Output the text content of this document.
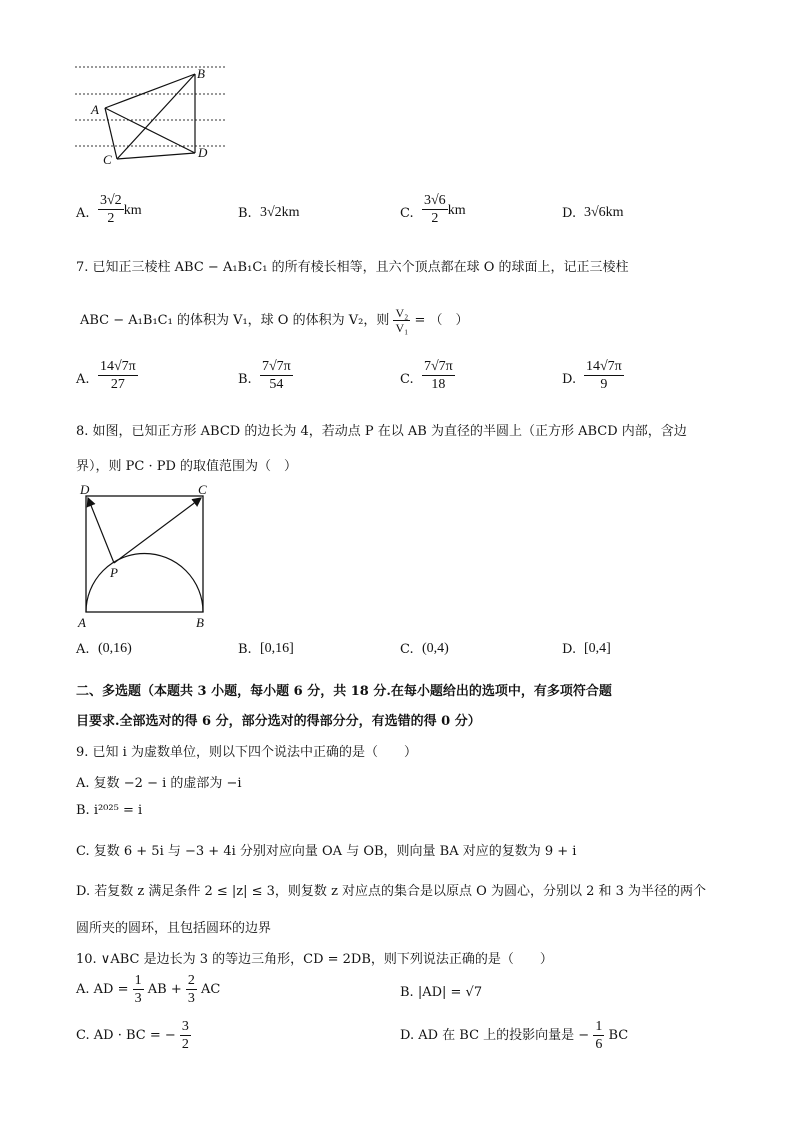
B
A
C	D
A. $\frac{3√2}{2}$ km	B. 3√2km	C. $\frac{3√6}{2}$ km	D. 3√6km
7. 已知正三棱柱 ABC − A₁B₁C₁ 的所有棱长相等，且六个顶点都在球 O 的球面上，记正三棱柱
ABC − A₁B₁C₁ 的体积为 V₁，球 O 的体积为 V₂，则 $\frac{\text{V₂}}{\text{V₁}}$ = （　）
A. $\frac{14√7\pi}{27}$	B. $\frac{7√7\pi}{54}$	C. $\frac{7√7\pi}{18}$	D. $\frac{14√7\pi}{9}$
8. 如图，已知正方形 ABCD 的边长为 4，若动点 P 在以 AB 为直径的半圆上（正方形 ABCD 内部，含边
界），则 PC · PD 的取值范围为（　）
D	C
P
A	B
A. (0,16)	B. [0,16]	C. (0,4)	D. [0,4]
二、多选题（本题共 3 小题，每小题 6 分，共 18 分.在每小题给出的选项中，有多项符合题
目要求.全部选对的得 6 分，部分选对的得部分分，有选错的得 0 分）
9. 已知 i 为虚数单位，则以下四个说法中正确的是（　　）
A. 复数 −2 − i 的虚部为 −i
B. i²⁰²⁵ = i
C. 复数 6 + 5i 与 −3 + 4i 分别对应向量 OA 与 OB，则向量 BA 对应的复数为 9 + i
D. 若复数 z 满足条件 2 ≤ |z| ≤ 3，则复数 z 对应点的集合是以原点 O 为圆心，分别以 2 和 3 为半径的两个
圆所夹的圆环，且包括圆环的边界
10. ∨ABC 是边长为 3 的等边三角形，CD = 2DB，则下列说法正确的是（　　）
A. AD = $\frac{1}{3}$ AB + $\frac{2}{3}$ AC	B. |AD| = √7
C. AD · BC = − $\frac{3}{2}$	D. AD 在 BC 上的投影向量是 − $\frac{1}{6}$ BC
